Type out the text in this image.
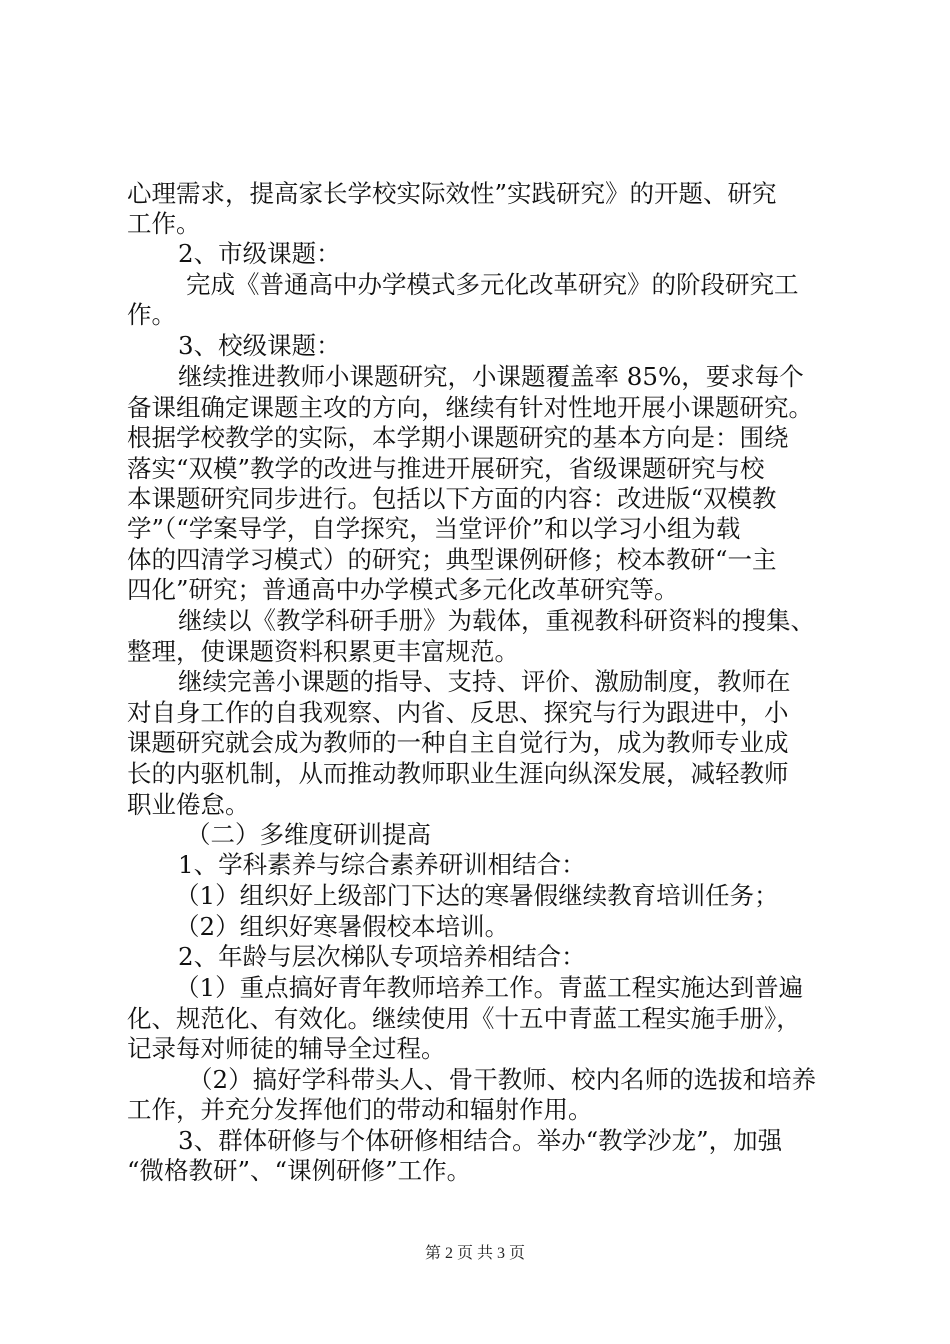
心理需求，提高家长学校实际效性”实践研究》的开题、研究
工作。
2、市级课题：
完成《普通高中办学模式多元化改革研究》的阶段研究工
作。
3、校级课题：
继续推进教师小课题研究，小课题覆盖率 85%，要求每个
备课组确定课题主攻的方向，继续有针对性地开展小课题研究。
根据学校教学的实际，本学期小课题研究的基本方向是：围绕
落实“双模”教学的改进与推进开展研究，省级课题研究与校
本课题研究同步进行。包括以下方面的内容：改进版“双模教
学”（“学案导学，自学探究，当堂评价”和以学习小组为载
体的四清学习模式）的研究；典型课例研修；校本教研“一主
四化”研究；普通高中办学模式多元化改革研究等。
继续以《教学科研手册》为载体，重视教科研资料的搜集、
整理，使课题资料积累更丰富规范。
继续完善小课题的指导、支持、评价、激励制度，教师在
对自身工作的自我观察、内省、反思、探究与行为跟进中，小
课题研究就会成为教师的一种自主自觉行为，成为教师专业成
长的内驱机制，从而推动教师职业生涯向纵深发展，减轻教师
职业倦怠。
（二）多维度研训提高
1、学科素养与综合素养研训相结合：
（1）组织好上级部门下达的寒暑假继续教育培训任务；
（2）组织好寒暑假校本培训。
2、年龄与层次梯队专项培养相结合：
（1）重点搞好青年教师培养工作。青蓝工程实施达到普遍
化、规范化、有效化。继续使用《十五中青蓝工程实施手册》，
记录每对师徒的辅导全过程。
（2）搞好学科带头人、骨干教师、校内名师的选拔和培养
工作，并充分发挥他们的带动和辐射作用。
3、群体研修与个体研修相结合。举办“教学沙龙”，加强
“微格教研”、“课例研修”工作。
第 2 页 共 3 页
